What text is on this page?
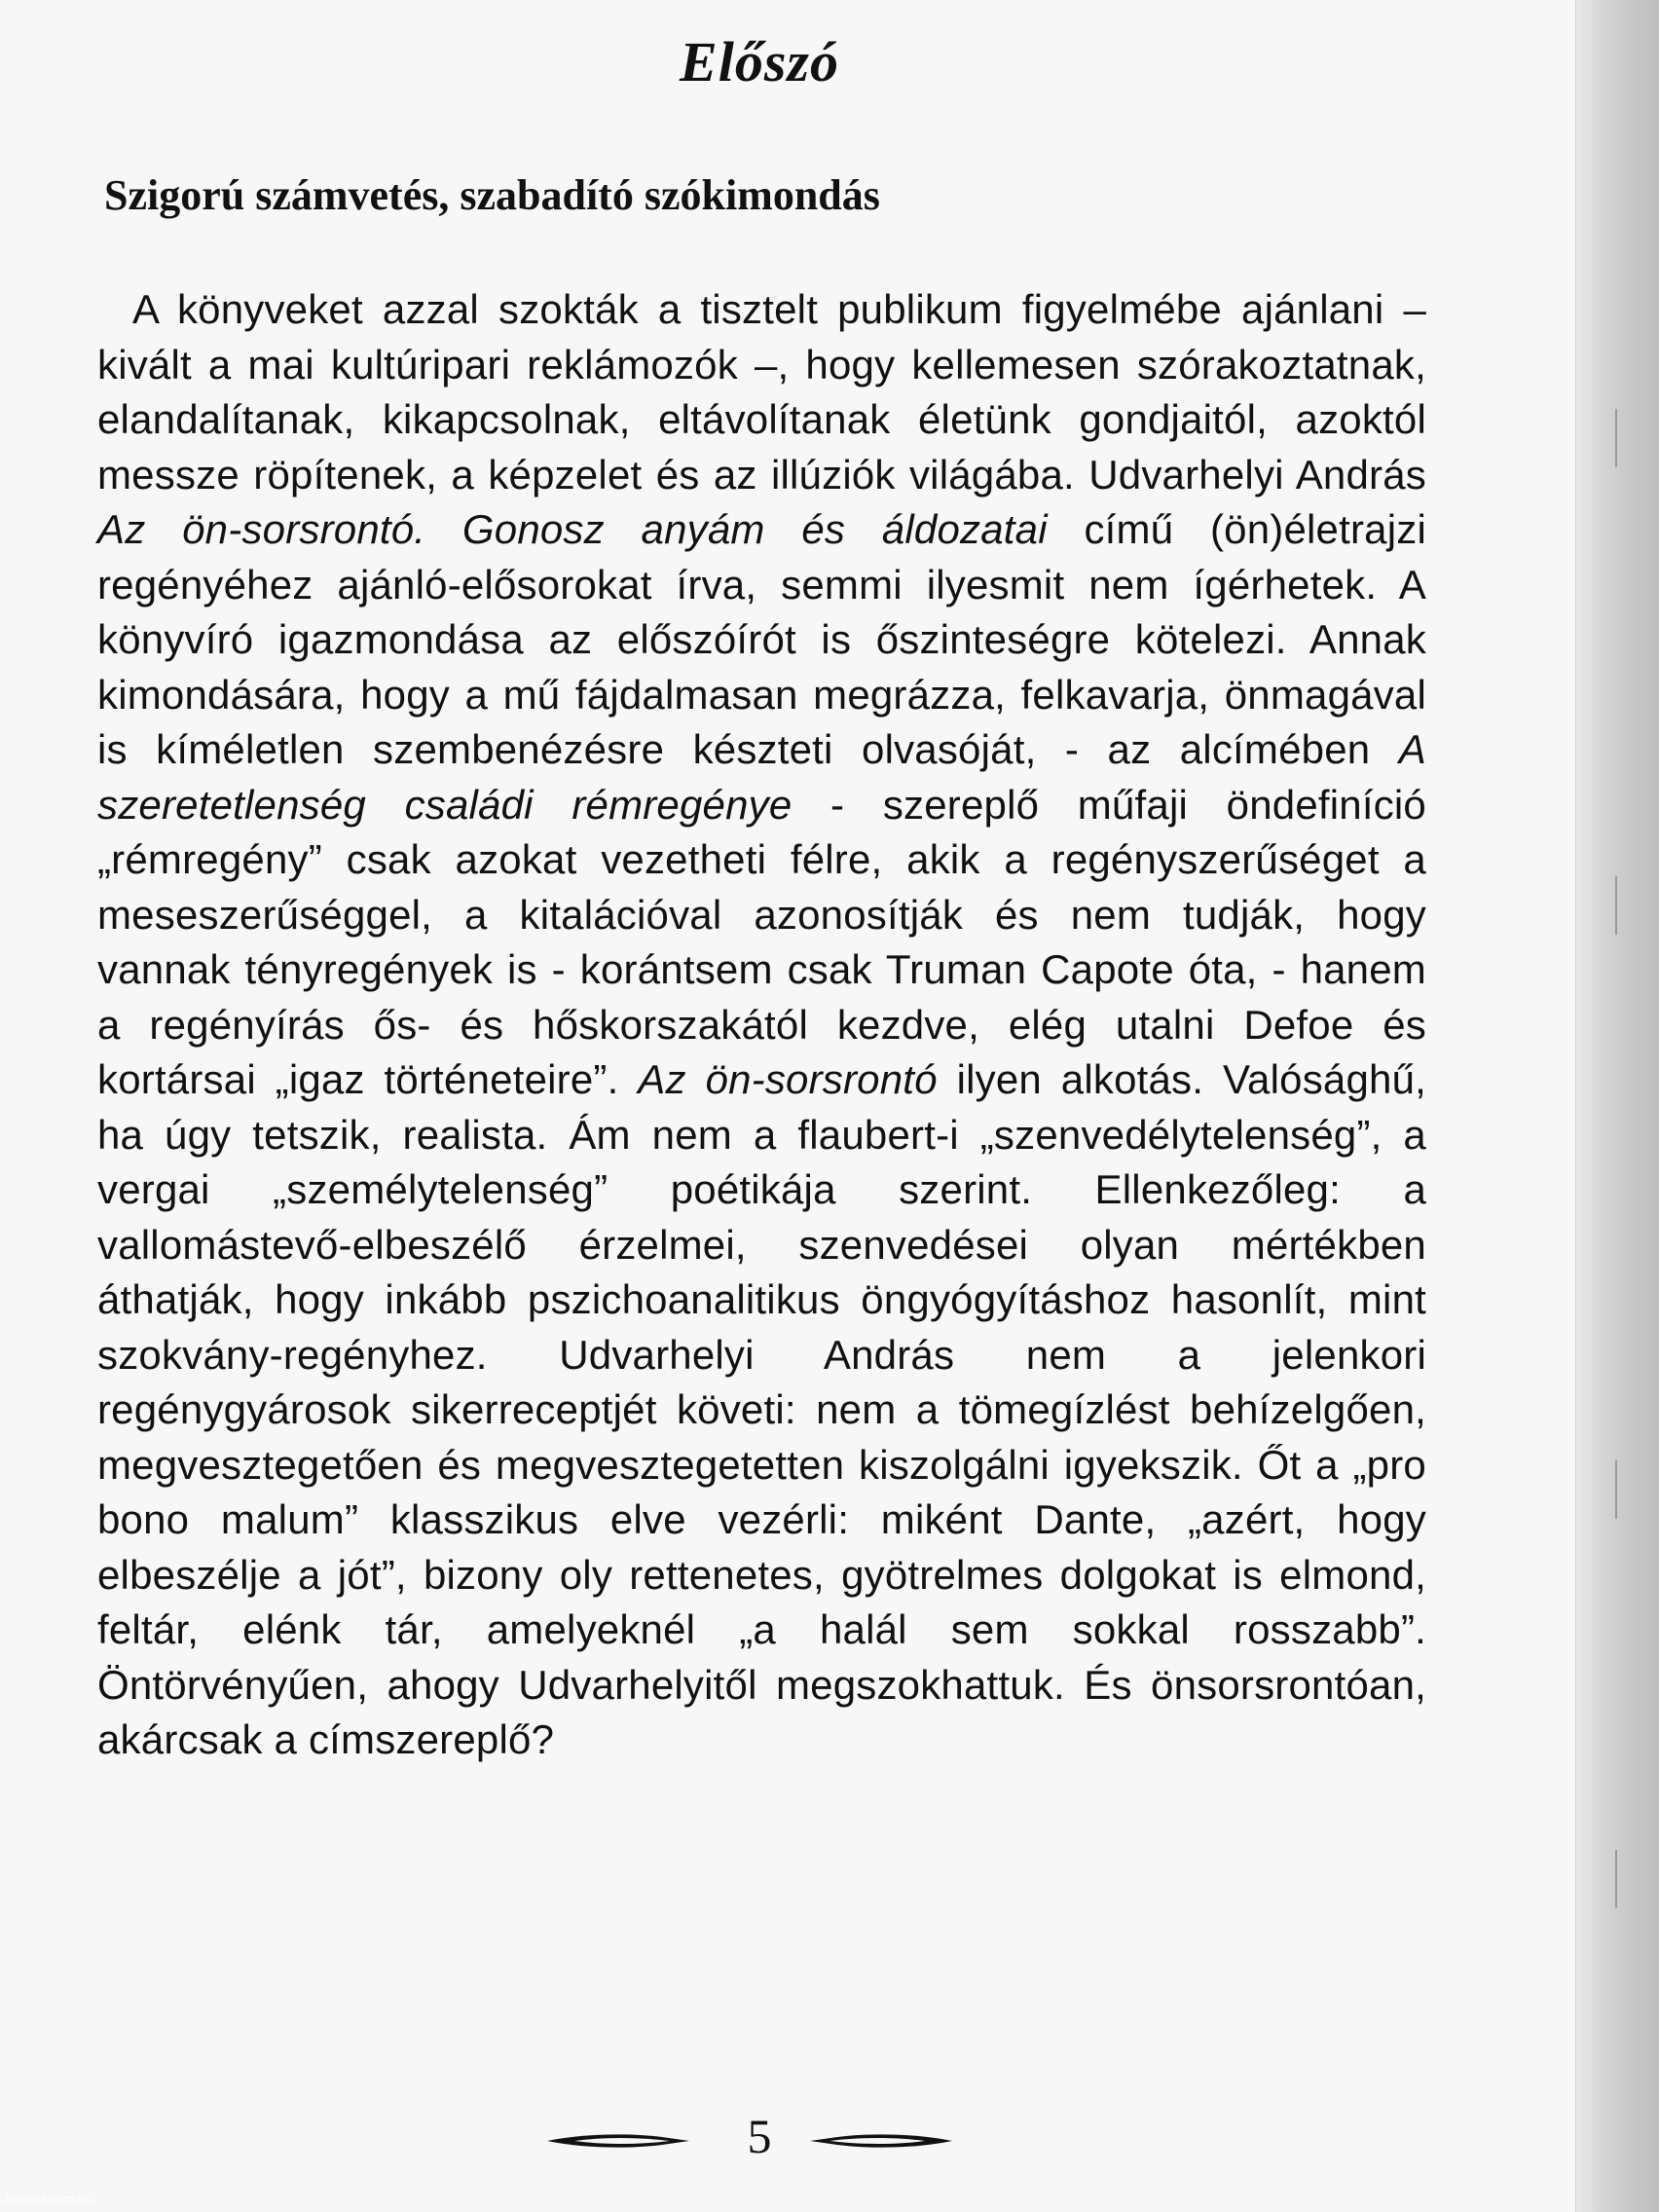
Előszó
Szigorú számvetés, szabadító szókimondás
A könyveket azzal szokták a tisztelt publikum figyelmébe ajánlani – kivált a mai kultúripari reklámozók –, hogy kellemesen szórakoztatnak, elandalítanak, kikapcsolnak, eltávolítanak életünk gondjaitól, azoktól messze röpítenek, a képzelet és az illúziók világába. Udvarhelyi András Az ön-sorsrontó. Gonosz anyám és áldozatai című (ön)életrajzi regényéhez ajánló-elősorokat írva, semmi ilyesmit nem ígérhetek. A könyvíró igazmondása az előszóírót is őszinteségre kötelezi. Annak kimondására, hogy a mű fájdalmasan megrázza, felkavarja, önmagával is kíméletlen szembenézésre készteti olvasóját, - az alcímében A szeretetlenség családi rémregénye - szereplő műfaji öndefiníció „rémregény” csak azokat vezetheti félre, akik a regényszerűséget a meseszerűséggel, a kitalációval azonosítják és nem tudják, hogy vannak tényregények is - korántsem csak Truman Capote óta, - hanem a regényírás ős- és hőskorszakától kezdve, elég utalni Defoe és kortársai „igaz történeteire”. Az ön-sorsrontó ilyen alkotás. Valósághű, ha úgy tetszik, realista. Ám nem a flaubert-i „szenvedélytelenség”, a vergai „személytelenség” poétikája szerint. Ellenkezőleg: a vallomástevő-elbeszélő érzelmei, szenvedései olyan mértékben áthatják, hogy inkább pszichoanalitikus öngyógyításhoz hasonlít, mint szokvány-regényhez. Udvarhelyi András nem a jelenkori regénygyárosok sikerreceptjét követi: nem a tömegízlést behízelgően, megvesztegetően és megvesztegetetten kiszolgálni igyekszik. Őt a „pro bono malum” klasszikus elve vezérli: miként Dante, „azért, hogy elbeszélje a jót”, bizony oly rettenetes, gyötrelmes dolgokat is elmond, feltár, elénk tár, amelyeknél „a halál sem sokkal rosszabb”. Öntörvényűen, ahogy Udvarhelyitől megszokhattuk. És önsorsrontóan, akárcsak a címszereplő?
5
Antikvarium.hu
